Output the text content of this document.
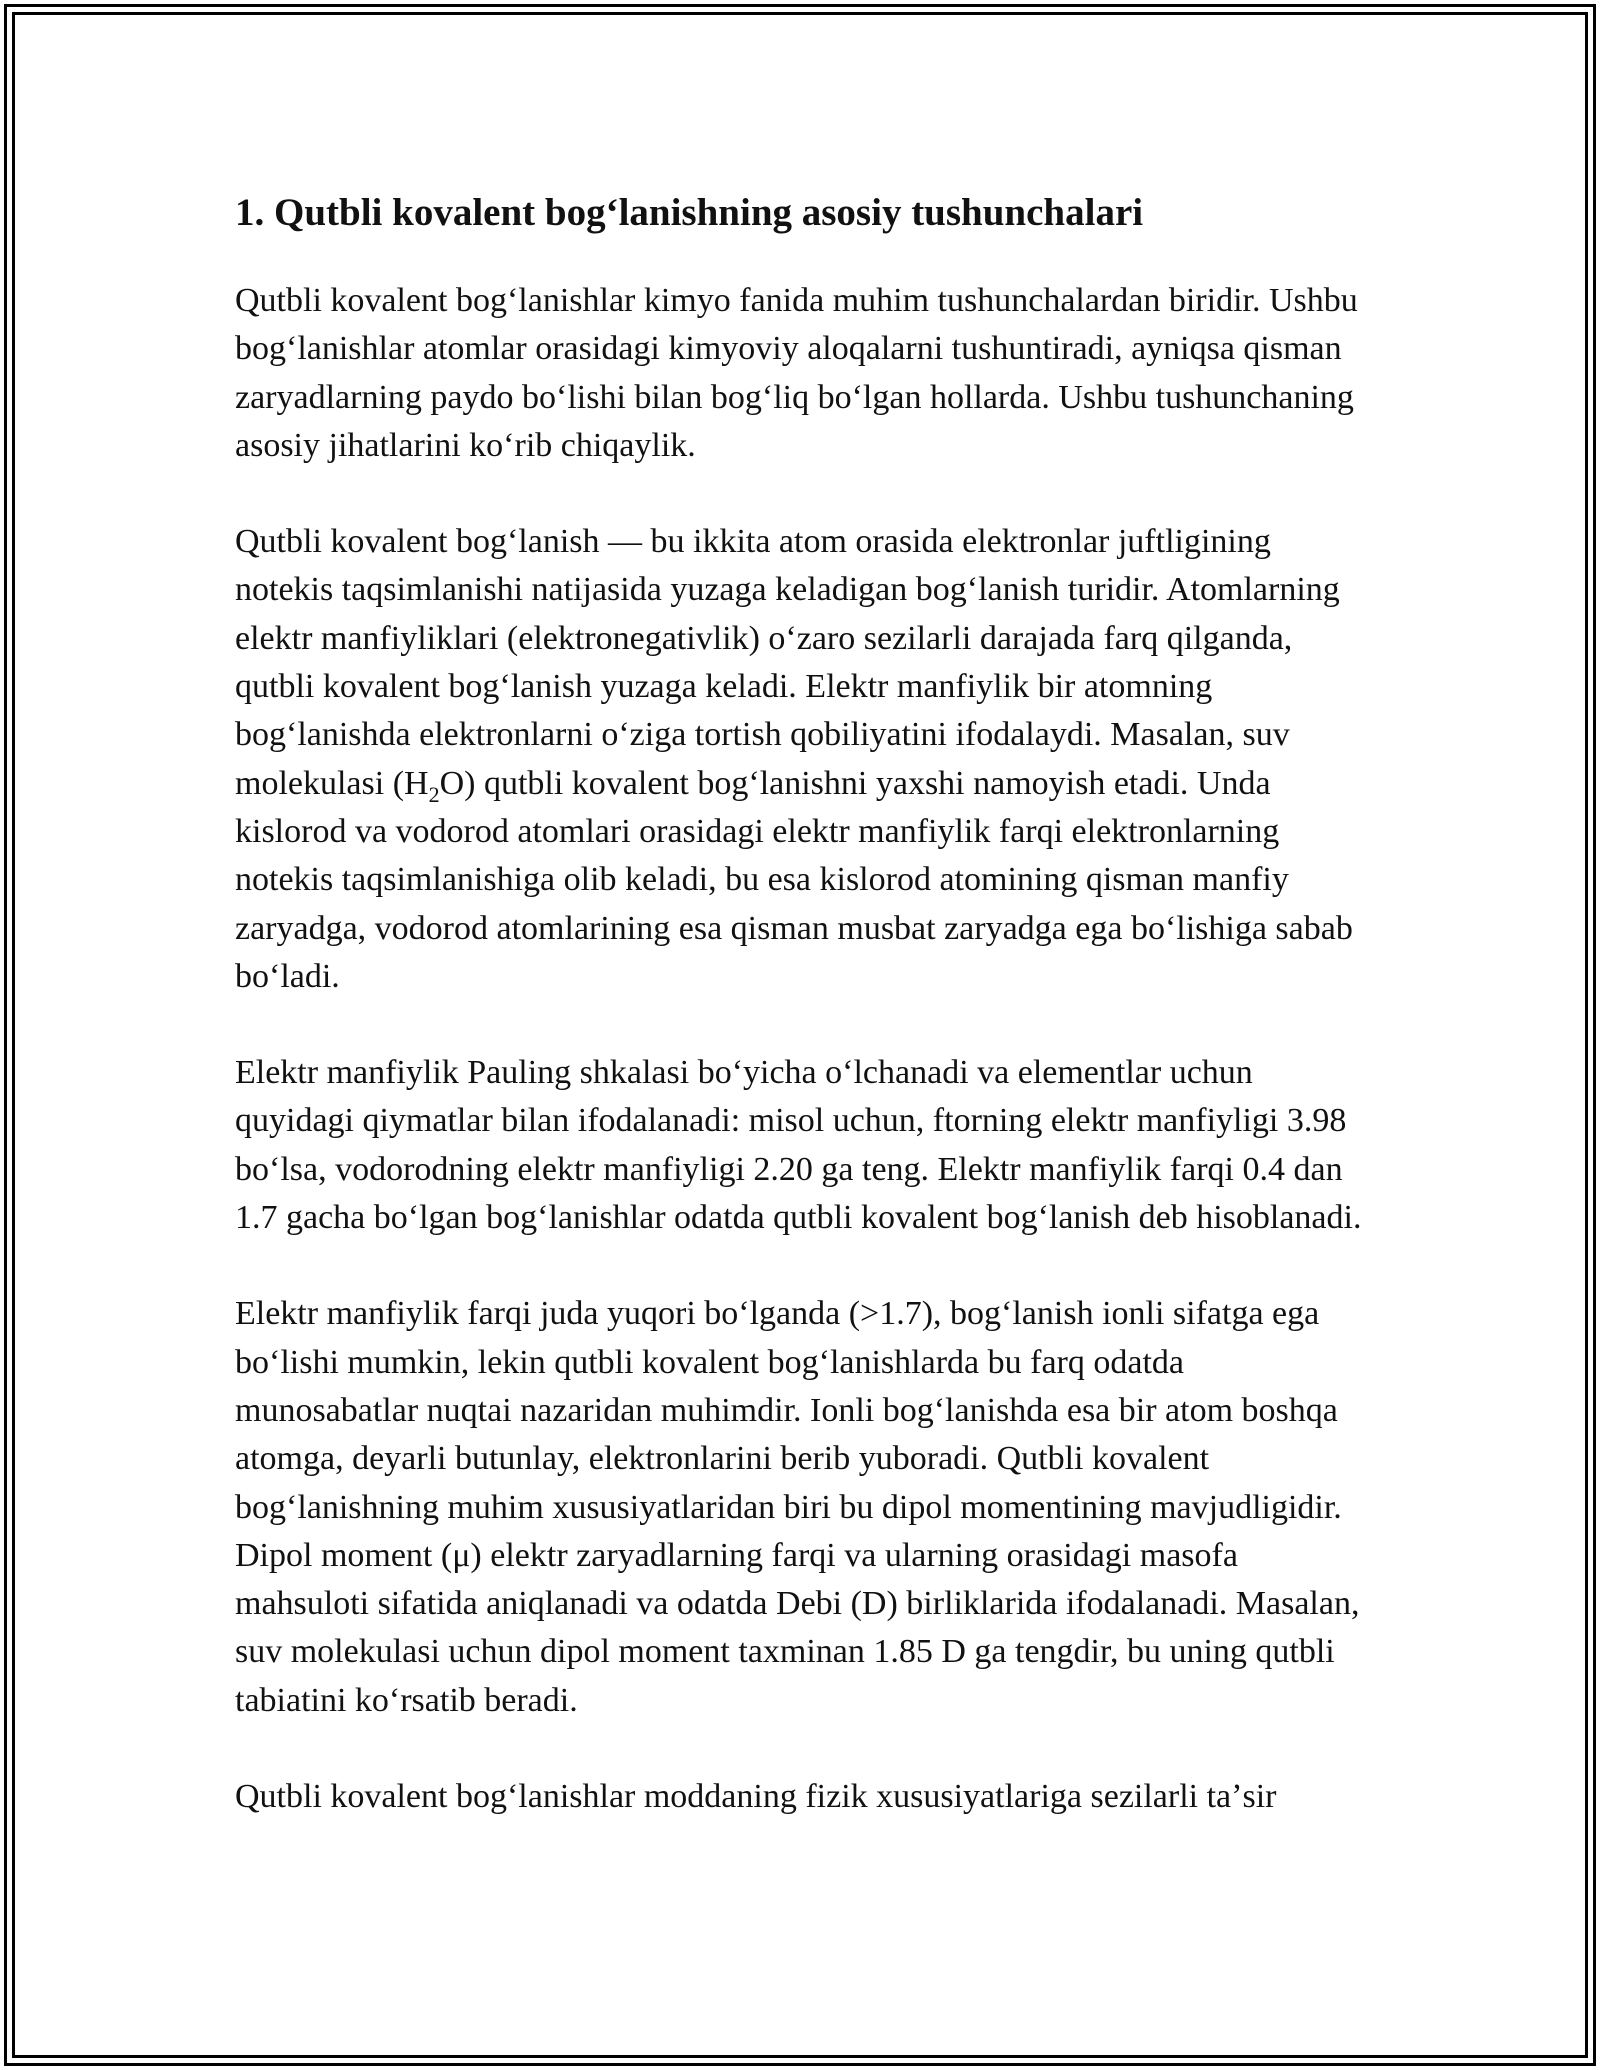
1. Qutbli kovalent bogʻlanishning asosiy tushunchalari

Qutbli kovalent bogʻlanishlar kimyo fanida muhim tushunchalardan biridir. Ushbu bogʻlanishlar atomlar orasidagi kimyoviy aloqalarni tushuntiradi, ayniqsa qisman zaryadlarning paydo boʻlishi bilan bogʻliq boʻlgan hollarda. Ushbu tushunchaning asosiy jihatlarini koʻrib chiqaylik.

Qutbli kovalent bogʻlanish — bu ikkita atom orasida elektronlar juftligining notekis taqsimlanishi natijasida yuzaga keladigan bogʻlanish turidir. Atomlarning elektr manfiyliklari (elektronegativlik) oʻzaro sezilarli darajada farq qilganda, qutbli kovalent bogʻlanish yuzaga keladi. Elektr manfiylik bir atomning bogʻlanishda elektronlarni oʻziga tortish qobiliyatini ifodalaydi. Masalan, suv molekulasi $(H_2O)$ qutbli kovalent bogʻlanishni yaxshi namoyish etadi. Unda kislorod va vodorod atomlari orasidagi elektr manfiylik farqi elektronlarning notekis taqsimlanishiga olib keladi, bu esa kislorod atomining qisman manfiy zaryadga, vodorod atomlarining esa qisman musbat zaryadga ega boʻlishiga sabab boʻladi.

Elektr manfiylik Pauling shkalasi boʻyicha oʻlchanadi va elementlar uchun quyidagi qiymatlar bilan ifodalanadi: misol uchun, ftorning elektr manfiyligi 3.98 boʻlsa, vodorodning elektr manfiyligi 2.20 ga teng. Elektr manfiylik farqi 0.4 dan 1.7 gacha boʻlgan bogʻlanishlar odatda qutbli kovalent bogʻlanish deb hisoblanadi.

Elektr manfiylik farqi juda yuqori boʻlganda (>1.7), bogʻlanish ionli sifatga ega boʻlishi mumkin, lekin qutbli kovalent bogʻlanishlarda bu farq odatda munosabatlar nuqtai nazaridan muhimdir. Ionli bogʻlanishda esa bir atom boshqa atomga, deyarli butunlay, elektronlarini berib yuboradi. Qutbli kovalent bogʻlanishning muhim xususiyatlaridan biri bu dipol momentining mavjudligidir. Dipol moment (μ) elektr zaryadlarning farqi va ularning orasidagi masofa mahsuloti sifatida aniqlanadi va odatda Debi (D) birliklarida ifodalanadi. Masalan, suv molekulasi uchun dipol moment taxminan 1.85 D ga tengdir, bu uning qutbli tabiatini koʻrsatib beradi.

Qutbli kovalent bogʻlanishlar moddaning fizik xususiyatlariga sezilarli taʼsir
